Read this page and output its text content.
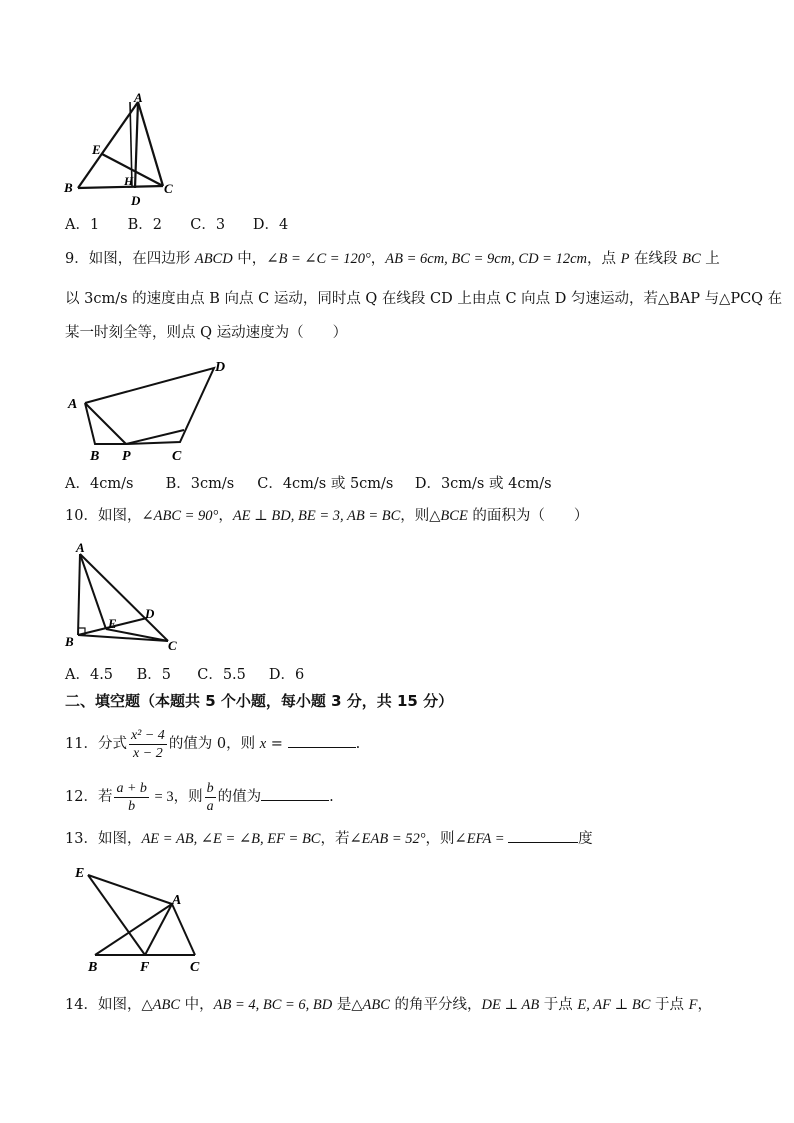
A
B	C
D
E
H
A．1 B．2 C．3 D．4
9．如图，在四边形 ABCD 中，∠B = ∠C = 120°，AB = 6cm, BC = 9cm, CD = 12cm，点 P 在线段 BC 上
以 3cm/s 的速度由点 B 向点 C 运动，同时点 Q 在线段 CD 上由点 C 向点 D 匀速运动，若△BAP 与△PCQ 在
某一时刻全等，则点 Q 运动速度为（　　）
A
B P	C
D
A．4cm/s B．3cm/s C．4cm/s 或 5cm/s D．3cm/s 或 4cm/s
10．如图，∠ABC = 90°，AE ⊥ BD, BE = 3, AB = BC，则△BCE 的面积为（　　）
A
B
E
D
C
A．4.5 B．5 C．5.5 D．6
二、填空题（本题共 5 个小题，每小题 3 分，共 15 分）
11．分式 $\frac{\text{x² − 4}}{x - 2}$ 的值为 0，则 x =	.
12．若 $\frac{a + b}{b} = 3$，则 $\frac{b}{a}$ 的值为	.
13．如图，AE = AB, ∠E = ∠B, EF = BC，若∠EAB = 52°，则∠EFA =	度
E
A
B	F	C
14．如图，△ABC 中，AB = 4, BC = 6, BD 是△ABC 的角平分线，DE ⊥ AB 于点 E, AF ⊥ BC 于点 F，
